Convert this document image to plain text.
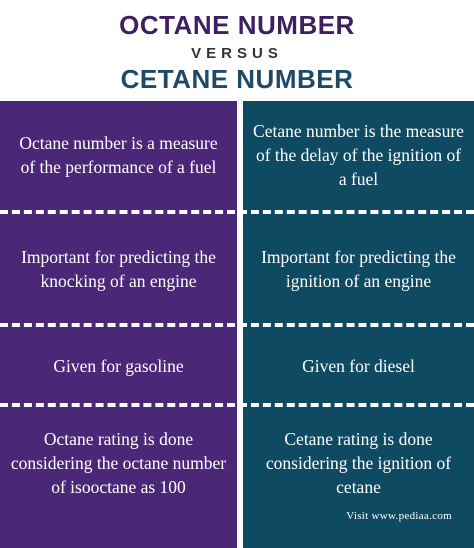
OCTANE NUMBER
VERSUS
CETANE NUMBER
Octane number is a measure of the performance of a fuel
Important for predicting the knocking of an engine
Given for gasoline
Octane rating is done considering the octane number of isooctane as 100
Cetane number is the measure of the delay of the ignition of a fuel
Important for predicting the ignition of an engine
Given for diesel
Cetane rating is done considering the ignition of cetane
Visit www.pediaa.com
